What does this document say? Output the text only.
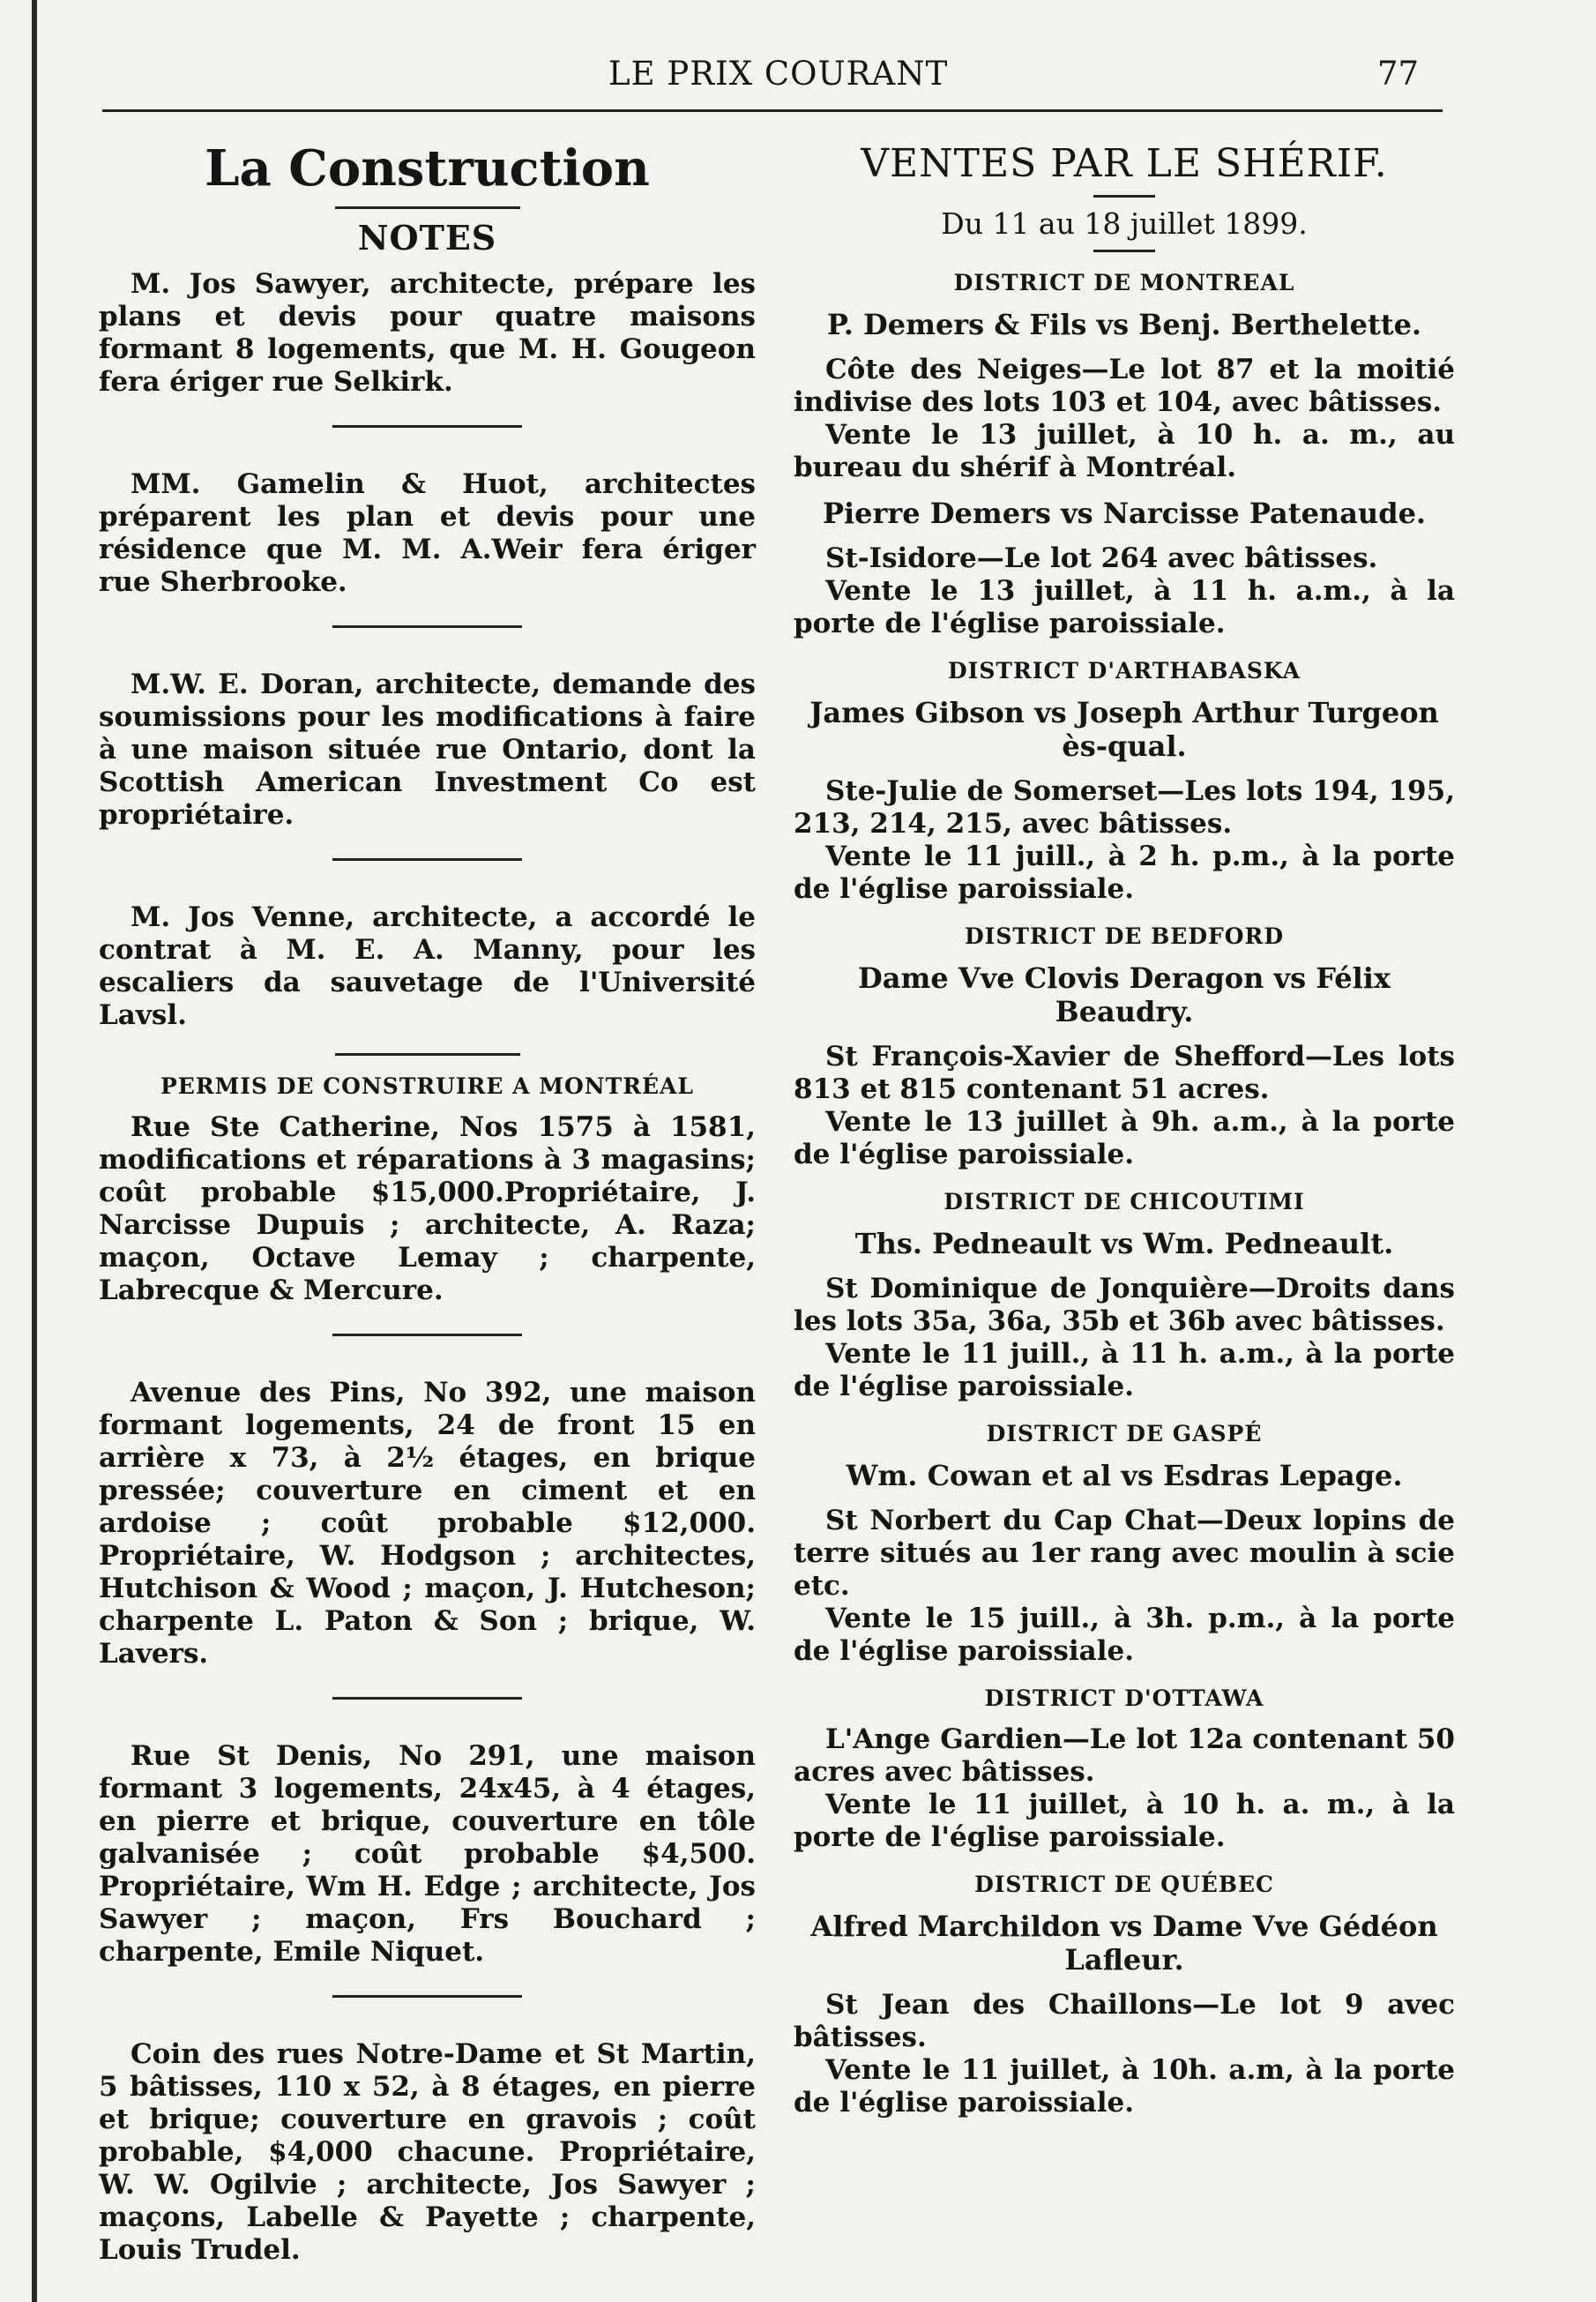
LE PRIX COURANT	77
La Construction
NOTES

M. Jos Sawyer, architecte, prépare les plans et devis pour quatre maisons formant 8 logements, que M. H. Gougeon fera ériger rue Selkirk.

MM. Gamelin & Huot, architectes préparent les plan et devis pour une résidence que M. M. A.Weir fera ériger rue Sherbrooke.

M.W. E. Doran, architecte, demande des soumissions pour les modifications à faire à une maison située rue Ontario, dont la Scottish American Investment Co est propriétaire.

M. Jos Venne, architecte, a accordé le contrat à M. E. A. Manny, pour les escaliers da sauvetage de l'Université Lavsl.

PERMIS DE CONSTRUIRE A MONTRÉAL

Rue Ste Catherine, Nos 1575 à 1581, modifications et réparations à 3 magasins; coût probable $15,000.Propriétaire, J. Narcisse Dupuis ; architecte, A. Raza; maçon, Octave Lemay ; charpente, Labrecque & Mercure.

Avenue des Pins, No 392, une maison formant logements, 24 de front 15 en arrière x 73, à 2½ étages, en brique pressée; couverture en ciment et en ardoise ; coût probable $12,000. Propriétaire, W. Hodgson ; architectes, Hutchison & Wood ; maçon, J. Hutcheson; charpente L. Paton & Son ; brique, W. Lavers.

Rue St Denis, No 291, une maison formant 3 logements, 24x45, à 4 étages, en pierre et brique, couverture en tôle galvanisée ; coût probable $4,500. Propriétaire, Wm H. Edge ; architecte, Jos Sawyer ; maçon, Frs Bouchard ; charpente, Emile Niquet.

Coin des rues Notre-Dame et St Martin, 5 bâtisses, 110 x 52, à 8 étages, en pierre et brique; couverture en gravois ; coût probable, $4,000 chacune. Propriétaire, W. W. Ogilvie ; architecte, Jos Sawyer ; maçons, Labelle & Payette ; charpente, Louis Trudel.

VENTES PAR LE SHÉRIF.
Du 11 au 18 juillet 1899.
DISTRICT DE MONTREAL
P. Demers & Fils vs Benj. Berthelette.

Côte des Neiges—Le lot 87 et la moitié indivise des lots 103 et 104, avec bâtisses.

Vente le 13 juillet, à 10 h. a. m., au bureau du shérif à Montréal.

Pierre Demers vs Narcisse Patenaude.

St-Isidore—Le lot 264 avec bâtisses.

Vente le 13 juillet, à 11 h. a.m., à la porte de l'église paroissiale.

DISTRICT D'ARTHABASKA
James Gibson vs Joseph Arthur Turgeon ès-qual.

Ste-Julie de Somerset—Les lots 194, 195, 213, 214, 215, avec bâtisses.

Vente le 11 juill., à 2 h. p.m., à la porte de l'église paroissiale.

DISTRICT DE BEDFORD
Dame Vve Clovis Deragon vs Félix Beaudry.

St François-Xavier de Shefford—Les lots 813 et 815 contenant 51 acres.

Vente le 13 juillet à 9h. a.m., à la porte de l'église paroissiale.

DISTRICT DE CHICOUTIMI
Ths. Pedneault vs Wm. Pedneault.

St Dominique de Jonquière—Droits dans les lots 35a, 36a, 35b et 36b avec bâtisses.

Vente le 11 juill., à 11 h. a.m., à la porte de l'église paroissiale.

DISTRICT DE GASPÉ
Wm. Cowan et al vs Esdras Lepage.

St Norbert du Cap Chat—Deux lopins de terre situés au 1er rang avec moulin à scie etc.

Vente le 15 juill., à 3h. p.m., à la porte de l'église paroissiale.

DISTRICT D'OTTAWA

L'Ange Gardien—Le lot 12a contenant 50 acres avec bâtisses.

Vente le 11 juillet, à 10 h. a. m., à la porte de l'église paroissiale.

DISTRICT DE QUÉBEC
Alfred Marchildon vs Dame Vve Gédéon Lafleur.

St Jean des Chaillons—Le lot 9 avec bâtisses.

Vente le 11 juillet, à 10h. a.m, à la porte de l'église paroissiale.
